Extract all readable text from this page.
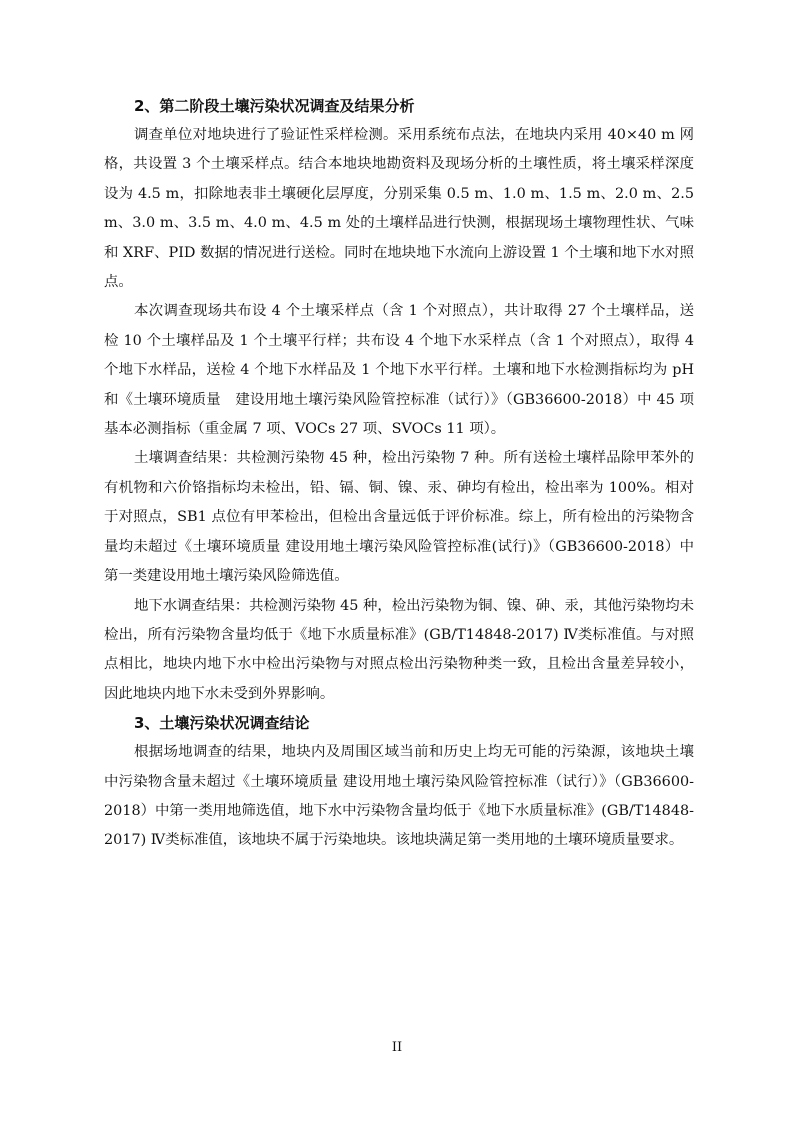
2、第二阶段土壤污染状况调查及结果分析

调查单位对地块进行了验证性采样检测。采用系统布点法，在地块内采用 40×40 m 网格，共设置 3 个土壤采样点。结合本地块地勘资料及现场分析的土壤性质，将土壤采样深度设为 4.5 m，扣除地表非土壤硬化层厚度，分别采集 0.5 m、1.0 m、1.5 m、2.0 m、2.5 m、3.0 m、3.5 m、4.0 m、4.5 m 处的土壤样品进行快测，根据现场土壤物理性状、气味和 XRF、PID 数据的情况进行送检。同时在地块地下水流向上游设置 1 个土壤和地下水对照点。

本次调查现场共布设 4 个土壤采样点（含 1 个对照点），共计取得 27 个土壤样品，送检 10 个土壤样品及 1 个土壤平行样；共布设 4 个地下水采样点（含 1 个对照点），取得 4 个地下水样品，送检 4 个地下水样品及 1 个地下水平行样。土壤和地下水检测指标均为 pH 和《土壤环境质量　建设用地土壤污染风险管控标准（试行）》（GB36600-2018）中 45 项基本必测指标（重金属 7 项、VOCs 27 项、SVOCs 11 项）。

土壤调查结果：共检测污染物 45 种，检出污染物 7 种。所有送检土壤样品除甲苯外的有机物和六价铬指标均未检出，铅、镉、铜、镍、汞、砷均有检出，检出率为 100%。相对于对照点，SB1 点位有甲苯检出，但检出含量远低于评价标准。综上，所有检出的污染物含量均未超过《土壤环境质量 建设用地土壤污染风险管控标准(试行)》（GB36600-2018）中第一类建设用地土壤污染风险筛选值。

地下水调查结果：共检测污染物 45 种，检出污染物为铜、镍、砷、汞，其他污染物均未检出，所有污染物含量均低于《地下水质量标准》(GB/T14848-2017) Ⅳ类标准值。与对照点相比，地块内地下水中检出污染物与对照点检出污染物种类一致，且检出含量差异较小，因此地块内地下水未受到外界影响。

3、土壤污染状况调查结论

根据场地调查的结果，地块内及周围区域当前和历史上均无可能的污染源，该地块土壤中污染物含量未超过《土壤环境质量 建设用地土壤污染风险管控标准（试行）》（GB36600-2018）中第一类用地筛选值，地下水中污染物含量均低于《地下水质量标准》(GB/T14848-2017) Ⅳ类标准值，该地块不属于污染地块。该地块满足第一类用地的土壤环境质量要求。

II
